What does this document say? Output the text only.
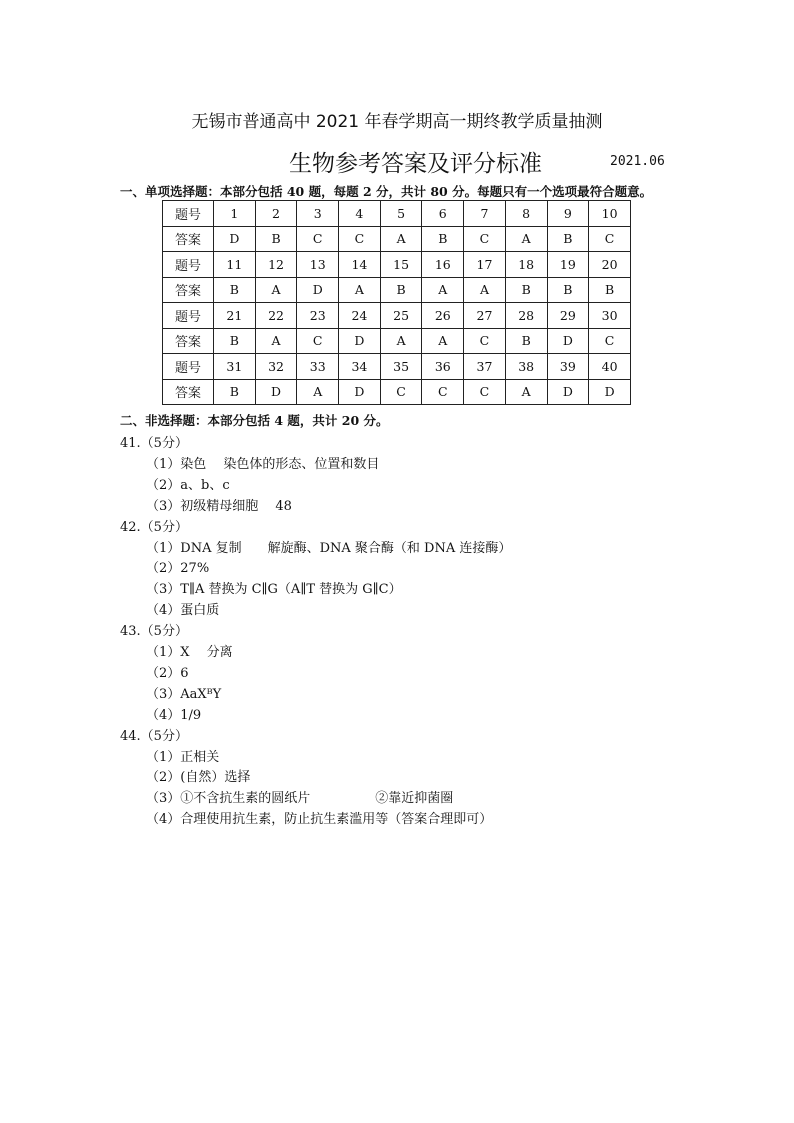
无锡市普通高中 2021 年春学期高一期终教学质量抽测
生物参考答案及评分标准	2021.06
一、单项选择题：本部分包括 40 题，每题 2 分，共计 80 分。每题只有一个选项最符合题意。
题号	1	2	3	4	5	6	7	8	9	10
答案	D	B	C	C	A	B	C	A	B	C
题号	11	12	13	14	15	16	17	18	19	20
答案	B	A	D	A	B	A	A	B	B	B
题号	21	22	23	24	25	26	27	28	29	30
答案	B	A	C	D	A	A	C	B	D	C
题号	31	32	33	34	35	36	37	38	39	40
答案	B	D	A	D	C	C	C	A	D	D
二、非选择题：本部分包括 4 题，共计 20 分。
41.（5分）
（1）染色　 染色体的形态、位置和数目
（2）a、b、c
（3）初级精母细胞　 48
42.（5分）
（1）DNA 复制　　解旋酶、DNA 聚合酶（和 DNA 连接酶）
（2）27%
（3）T∥A 替换为 C∥G（A∥T 替换为 G∥C）
（4）蛋白质
43.（5分）
（1）X　 分离
（2）6
（3）AaXᴮY
（4）1/9
44.（5分）
（1）正相关
（2）(自然）选择
（3）①不含抗生素的圆纸片　　　　　②靠近抑菌圈
（4）合理使用抗生素，防止抗生素滥用等（答案合理即可）
